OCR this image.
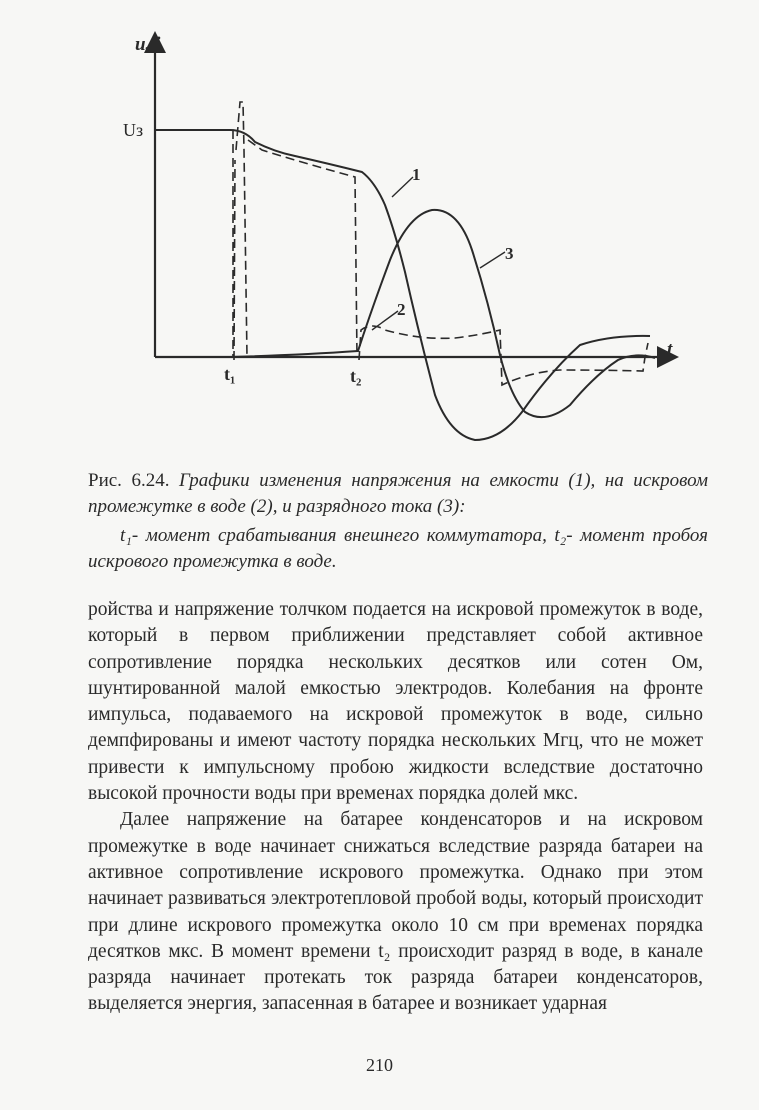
u, i
t
Uз
t₁	t₂
1
2
3
Рис. 6.24. Графики изменения напряжения на емкости (1), на искровом промежутке в воде (2), и разрядного тока (3):
t₁- момент срабатывания внешнего коммутатора, t₂- момент пробоя искрового промежутка в воде.

ройства и напряжение толчком подается на искровой промежуток в воде, который в первом приближении представляет собой активное сопротивление порядка нескольких десятков или сотен Ом, шунтированной малой емкостью электродов. Колебания на фронте импульса, подаваемого на искровой промежуток в воде, сильно демпфированы и имеют частоту порядка нескольких Мгц, что не может привести к импульсному пробою жидкости вследствие достаточно высокой прочности воды при временах порядка долей мкс.

Далее напряжение на батарее конденсаторов и на искровом промежутке в воде начинает снижаться вследствие разряда батареи на активное сопротивление искрового промежутка. Однако при этом начинает развиваться электротепловой пробой воды, который происходит при длине искрового промежутка около 10 см при временах порядка десятков мкс. В момент времени t₂ происходит разряд в воде, в канале разряда начинает протекать ток разряда батареи конденсаторов, выделяется энергия, запасенная в батарее и возникает ударная

210
